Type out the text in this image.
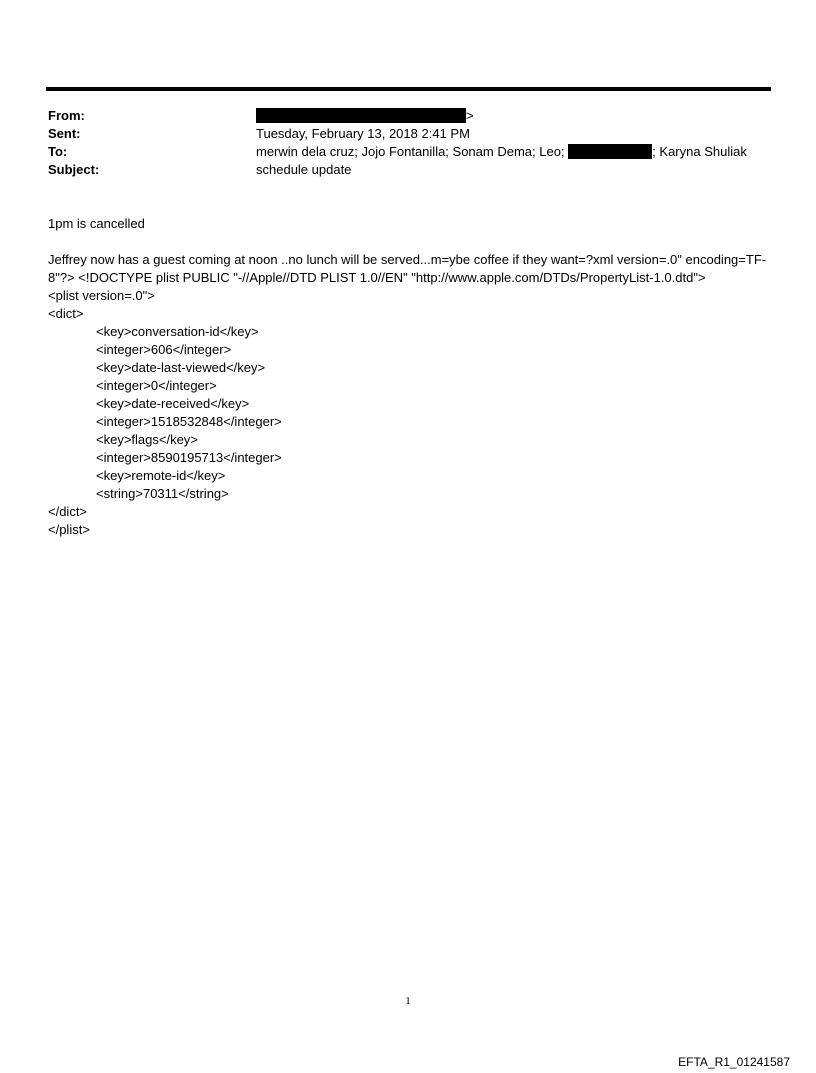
From:	>
Sent:	Tuesday, February 13, 2018 2:41 PM
To:	merwin dela cruz; Jojo Fontanilla; Sonam Dema; Leo;	; Karyna Shuliak
Subject:	schedule update
1pm is cancelled
Jeffrey now has a guest coming at noon ..no lunch will be served...m=ybe coffee if they want=?xml version=.0" encoding=TF-8"?> <!DOCTYPE plist PUBLIC "-//Apple//DTD PLIST 1.0//EN" "http://www.apple.com/DTDs/PropertyList-1.0.dtd">
<plist version=.0">
<dict>
<key>conversation-id</key>
<integer>606</integer>
<key>date-last-viewed</key>
<integer>0</integer>
<key>date-received</key>
<integer>1518532848</integer>
<key>flags</key>
<integer>8590195713</integer>
<key>remote-id</key>
<string>70311</string>
</dict>
</plist>
1
EFTA_R1_01241587
